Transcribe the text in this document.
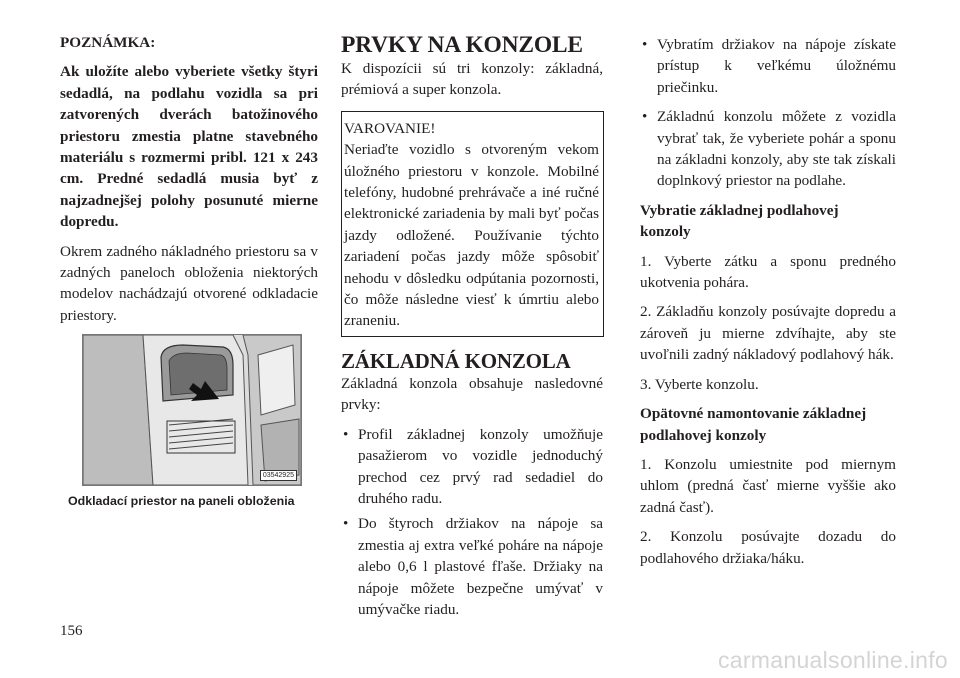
POZNÁMKA:

Ak uložíte alebo vyberiete všetky štyri sedadlá, na podlahu vozidla sa pri zatvorených dverách batožinového priestoru zmestia platne stavebného materiálu s rozmermi pribl. 121 x 243 cm. Predné sedadlá musia byť z najzadnejšej polohy posunuté mierne dopredu.

Okrem zadného nákladného priestoru sa v zadných paneloch obloženia niektorých modelov nachádzajú otvorené odkladacie priestory.

03542925
Odkladací priestor na paneli obloženia
PRVKY NA KONZOLE

K dispozícii sú tri konzoly: základná, prémiová a super konzola.

VAROVANIE!

Neriaďte vozidlo s otvoreným vekom úložného priestoru v konzole. Mobilné telefóny, hudobné prehrávače a iné ručné elektronické zariadenia by mali byť počas jazdy odložené. Používanie týchto zariadení počas jazdy môže spôsobiť nehodu v dôsledku odpútania pozornosti, čo môže následne viesť k úmrtiu alebo zraneniu.

ZÁKLADNÁ KONZOLA

Základná konzola obsahuje nasledovné prvky:

• Profil základnej konzoly umožňuje pasažierom vo vozidle jednoduchý prechod cez prvý rad sedadiel do druhého radu.
• Do štyroch držiakov na nápoje sa zmestia aj extra veľké poháre na nápoje alebo 0,6 l plastové fľaše. Držiaky na nápoje môžete bezpečne umývať v umývačke riadu.
• Vybratím držiakov na nápoje získate prístup k veľkému úložnému priečinku.
• Základnú konzolu môžete z vozidla vybrať tak, že vyberiete pohár a sponu na základni konzoly, aby ste tak získali doplnkový priestor na podlahe.

Vybratie základnej podlahovej konzoly

1. Vyberte zátku a sponu predného ukotvenia pohára.

2. Základňu konzoly posúvajte dopredu a zároveň ju mierne zdvíhajte, aby ste uvoľnili zadný nákladový podlahový hák.

3. Vyberte konzolu.

Opätovné namontovanie základnej podlahovej konzoly

1. Konzolu umiestnite pod miernym uhlom (predná časť mierne vyššie ako zadná časť).

2. Konzolu posúvajte dozadu do podlahového držiaka/háku.

156
carmanualsonline.info
